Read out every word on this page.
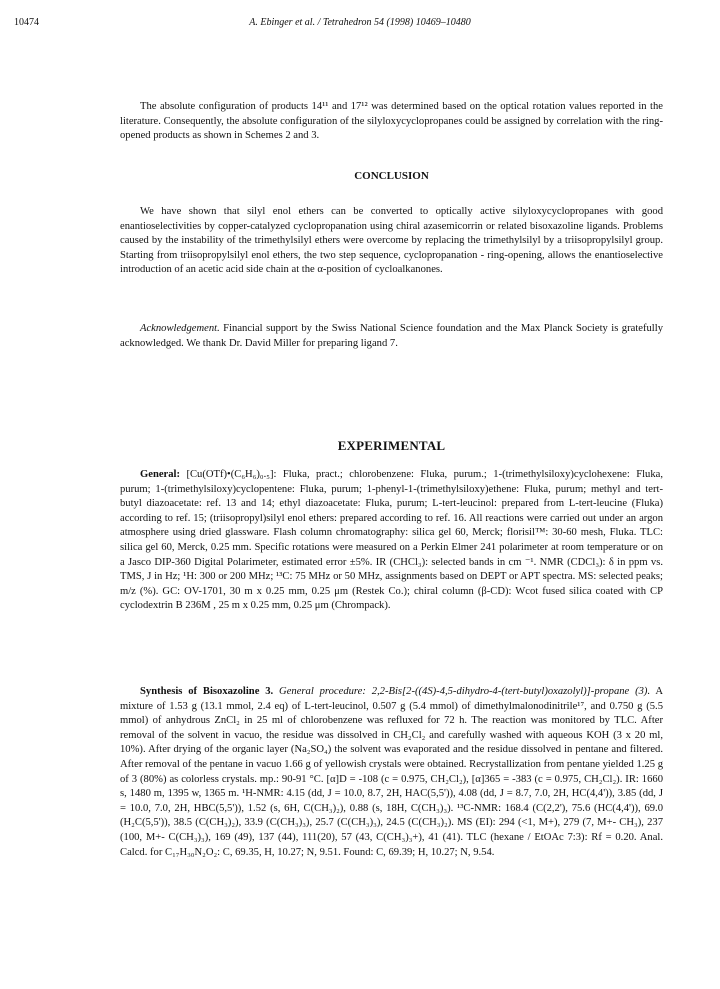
10474	A. Ebinger et al. / Tetrahedron 54 (1998) 10469–10480

The absolute configuration of products 14¹¹ and 17¹² was determined based on the optical rotation values reported in the literature. Consequently, the absolute configuration of the silyloxycyclopropanes could be assigned by correlation with the ring-opened products as shown in Schemes 2 and 3.

CONCLUSION

We have shown that silyl enol ethers can be converted to optically active silyloxycyclopropanes with good enantioselectivities by copper-catalyzed cyclopropanation using chiral azasemicorrin or related bisoxazoline ligands. Problems caused by the instability of the trimethylsilyl ethers were overcome by replacing the trimethylsilyl by a triisopropylsilyl group. Starting from triisopropylsilyl enol ethers, the two step sequence, cyclopropanation - ring-opening, allows the enantioselective introduction of an acetic acid side chain at the α-position of cycloalkanones.

Acknowledgement. Financial support by the Swiss National Science foundation and the Max Planck Society is gratefully acknowledged. We thank Dr. David Miller for preparing ligand 7.

EXPERIMENTAL

General: [Cu(OTf)•(C₆H₆)₀.₅]: Fluka, pract.; chlorobenzene: Fluka, purum.; 1-(trimethylsiloxy)cyclohexene: Fluka, purum; 1-(trimethylsiloxy)cyclopentene: Fluka, purum; 1-phenyl-1-(trimethylsiloxy)ethene: Fluka, purum; methyl and tert-butyl diazoacetate: ref. 13 and 14; ethyl diazoacetate: Fluka, purum; L-tert-leucinol: prepared from L-tert-leucine (Fluka) according to ref. 15; (triisopropyl)silyl enol ethers: prepared according to ref. 16. All reactions were carried out under an argon atmosphere using dried glassware. Flash column chromatography: silica gel 60, Merck; florisil™: 30-60 mesh, Fluka. TLC: silica gel 60, Merck, 0.25 mm. Specific rotations were measured on a Perkin Elmer 241 polarimeter at room temperature or on a Jasco DIP-360 Digital Polarimeter, estimated error ±5%. IR (CHCl₃): selected bands in cm ⁻¹. NMR (CDCl₃): δ in ppm vs. TMS, J in Hz; ¹H: 300 or 200 MHz; ¹³C: 75 MHz or 50 MHz, assignments based on DEPT or APT spectra. MS: selected peaks; m/z (%). GC: OV-1701, 30 m x 0.25 mm, 0.25 μm (Restek Co.); chiral column (β-CD): Wcot fused silica coated with CP cyclodextrin B 236M , 25 m x 0.25 mm, 0.25 μm (Chrompack).

Synthesis of Bisoxazoline 3. General procedure: 2,2-Bis[2-((4S)-4,5-dihydro-4-(tert-butyl)oxazolyl)]-propane (3). A mixture of 1.53 g (13.1 mmol, 2.4 eq) of L-tert-leucinol, 0.507 g (5.4 mmol) of dimethylmalonodinitrile¹⁷, and 0.750 g (5.5 mmol) of anhydrous ZnCl₂ in 25 ml of chlorobenzene was refluxed for 72 h. The reaction was monitored by TLC. After removal of the solvent in vacuo, the residue was dissolved in CH₂Cl₂ and carefully washed with aqueous KOH (3 x 20 ml, 10%). After drying of the organic layer (Na₂SO₄) the solvent was evaporated and the residue dissolved in pentane and filtered. After removal of the pentane in vacuo 1.66 g of yellowish crystals were obtained. Recrystallization from pentane yielded 1.25 g of 3 (80%) as colorless crystals. mp.: 90-91 °C. [α]D = -108 (c = 0.975, CH₂Cl₂), [α]365 = -383 (c = 0.975, CH₂Cl₂). IR: 1660 s, 1480 m, 1395 w, 1365 m. ¹H-NMR: 4.15 (dd, J = 10.0, 8.7, 2H, HAC(5,5')), 4.08 (dd, J = 8.7, 7.0, 2H, HC(4,4')), 3.85 (dd, J = 10.0, 7.0, 2H, HBC(5,5')), 1.52 (s, 6H, C(CH₃)₂), 0.88 (s, 18H, C(CH₃)₃). ¹³C-NMR: 168.4 (C(2,2'), 75.6 (HC(4,4')), 69.0 (H₂C(5,5')), 38.5 (C(CH₃)₂), 33.9 (C(CH₃)₃), 25.7 (C(CH₃)₃), 24.5 (C(CH₃)₂). MS (EI): 294 (<1, M+), 279 (7, M+- CH₃), 237 (100, M+- C(CH₃)₃), 169 (49), 137 (44), 111(20), 57 (43, C(CH₃)₃+), 41 (41). TLC (hexane / EtOAc 7:3): Rf = 0.20. Anal. Calcd. for C₁₇H₃₀N₂O₂: C, 69.35, H, 10.27; N, 9.51. Found: C, 69.39; H, 10.27; N, 9.54.
